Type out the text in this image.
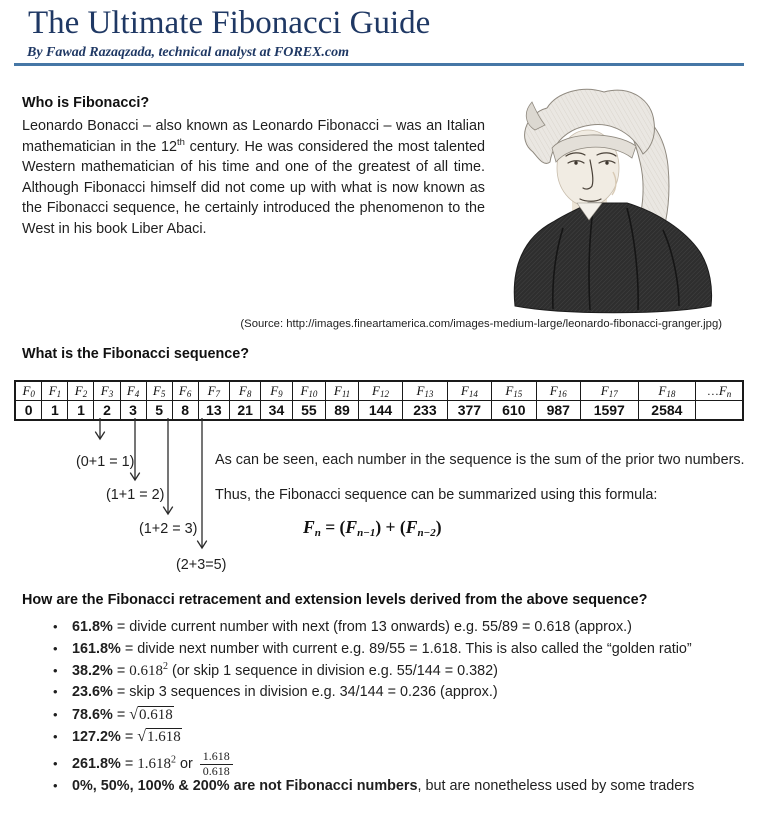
The Ultimate Fibonacci Guide
By Fawad Razaqzada, technical analyst at FOREX.com
Who is Fibonacci?
Leonardo Bonacci – also known as Leonardo Fibonacci – was an Italian mathematician in the 12th century. He was considered the most talented Western mathematician of his time and one of the greatest of all time. Although Fibonacci himself did not come up with what is now known as the Fibonacci sequence, he certainly introduced the phenomenon to the West in his book Liber Abaci.
(Source: http://images.fineartamerica.com/images-medium-large/leonardo-fibonacci-granger.jpg)
What is the Fibonacci sequence?
$F_0$	$F_1$	$F_2$	$F_3$	$F_4$	$F_5$	$F_6$	$F_7$	$F_8$	$F_9$	$F_{10}$	$F_{11}$	$F_{12}$	$F_{13}$	$F_{14}$	$F_{15}$	$F_{16}$	$F_{17}$	$F_{18}$	$\dots F_n$
0	1	1	2	3	5	8	13	21	34	55	89	144	233	377	610	987	1597	2584	
(0+1 = 1)
(1+1 = 2)
(1+2 = 3)
(2+3=5)
As can be seen, each number in the sequence is the sum of the prior two numbers.
Thus, the Fibonacci sequence can be summarized using this formula:
$F_n = (F_{n-1}) + (F_{n-2})$
How are the Fibonacci retracement and extension levels derived from the above sequence?
•	61.8% = divide current number with next (from 13 onwards) e.g. 55/89 = 0.618 (approx.)
•	161.8% = divide next number with current e.g. 89/55 = 1.618. This is also called the “golden ratio”
•	$38.2\% = 0.618^2$ (or skip 1 sequence in division e.g. 55/144 = 0.382)
•	23.6% = skip 3 sequences in division e.g. 34/144 = 0.236 (approx.)
•	78.6% = √0.618
•	127.2% = √1.618
•	$261.8\% = 1.618^2$ or $\frac{1.618}{0.618}$
•	0%, 50%, 100% & 200% are not Fibonacci numbers , but are nonetheless used by some traders
